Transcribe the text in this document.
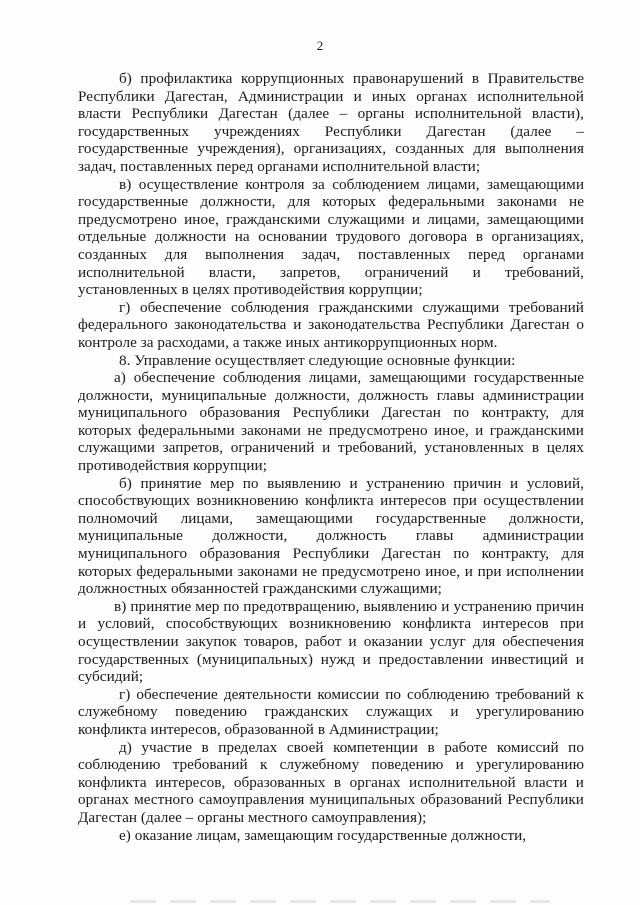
2

б) профилактика коррупционных правонарушений в Правительстве Республики Дагестан, Администрации и иных органах исполнительной власти Республики Дагестан (далее – органы исполнительной власти), государственных учреждениях Республики Дагестан (далее – государственные учреждения), организациях, созданных для выполнения задач, поставленных перед органами исполнительной власти;

в) осуществление контроля за соблюдением лицами, замещающими государственные должности, для которых федеральными законами не предусмотрено иное, гражданскими служащими и лицами, замещающими отдельные должности на основании трудового договора в организациях, созданных для выполнения задач, поставленных перед органами исполнительной власти, запретов, ограничений и требований, установленных в целях противодействия коррупции;

г) обеспечение соблюдения гражданскими служащими требований федерального законодательства и законодательства Республики Дагестан о контроле за расходами, а также иных антикоррупционных норм.

8. Управление осуществляет следующие основные функции:

а) обеспечение соблюдения лицами, замещающими государственные должности, муниципальные должности, должность главы администрации муниципального образования Республики Дагестан по контракту, для которых федеральными законами не предусмотрено иное, и гражданскими служащими запретов, ограничений и требований, установленных в целях противодействия коррупции;

б) принятие мер по выявлению и устранению причин и условий, способствующих возникновению конфликта интересов при осуществлении полномочий лицами, замещающими государственные должности, муниципальные должности, должность главы администрации муниципального образования Республики Дагестан по контракту, для которых федеральными законами не предусмотрено иное, и при исполнении должностных обязанностей гражданскими служащими;

в) принятие мер по предотвращению, выявлению и устранению причин и условий, способствующих возникновению конфликта интересов при осуществлении закупок товаров, работ и оказании услуг для обеспечения государственных (муниципальных) нужд и предоставлении инвестиций и субсидий;

г) обеспечение деятельности комиссии по соблюдению требований к служебному поведению гражданских служащих и урегулированию конфликта интересов, образованной в Администрации;

д) участие в пределах своей компетенции в работе комиссий по соблюдению требований к служебному поведению и урегулированию конфликта интересов, образованных в органах исполнительной власти и органах местного самоуправления муниципальных образований Республики Дагестан (далее – органы местного самоуправления);

е) оказание лицам, замещающим государственные должности,
